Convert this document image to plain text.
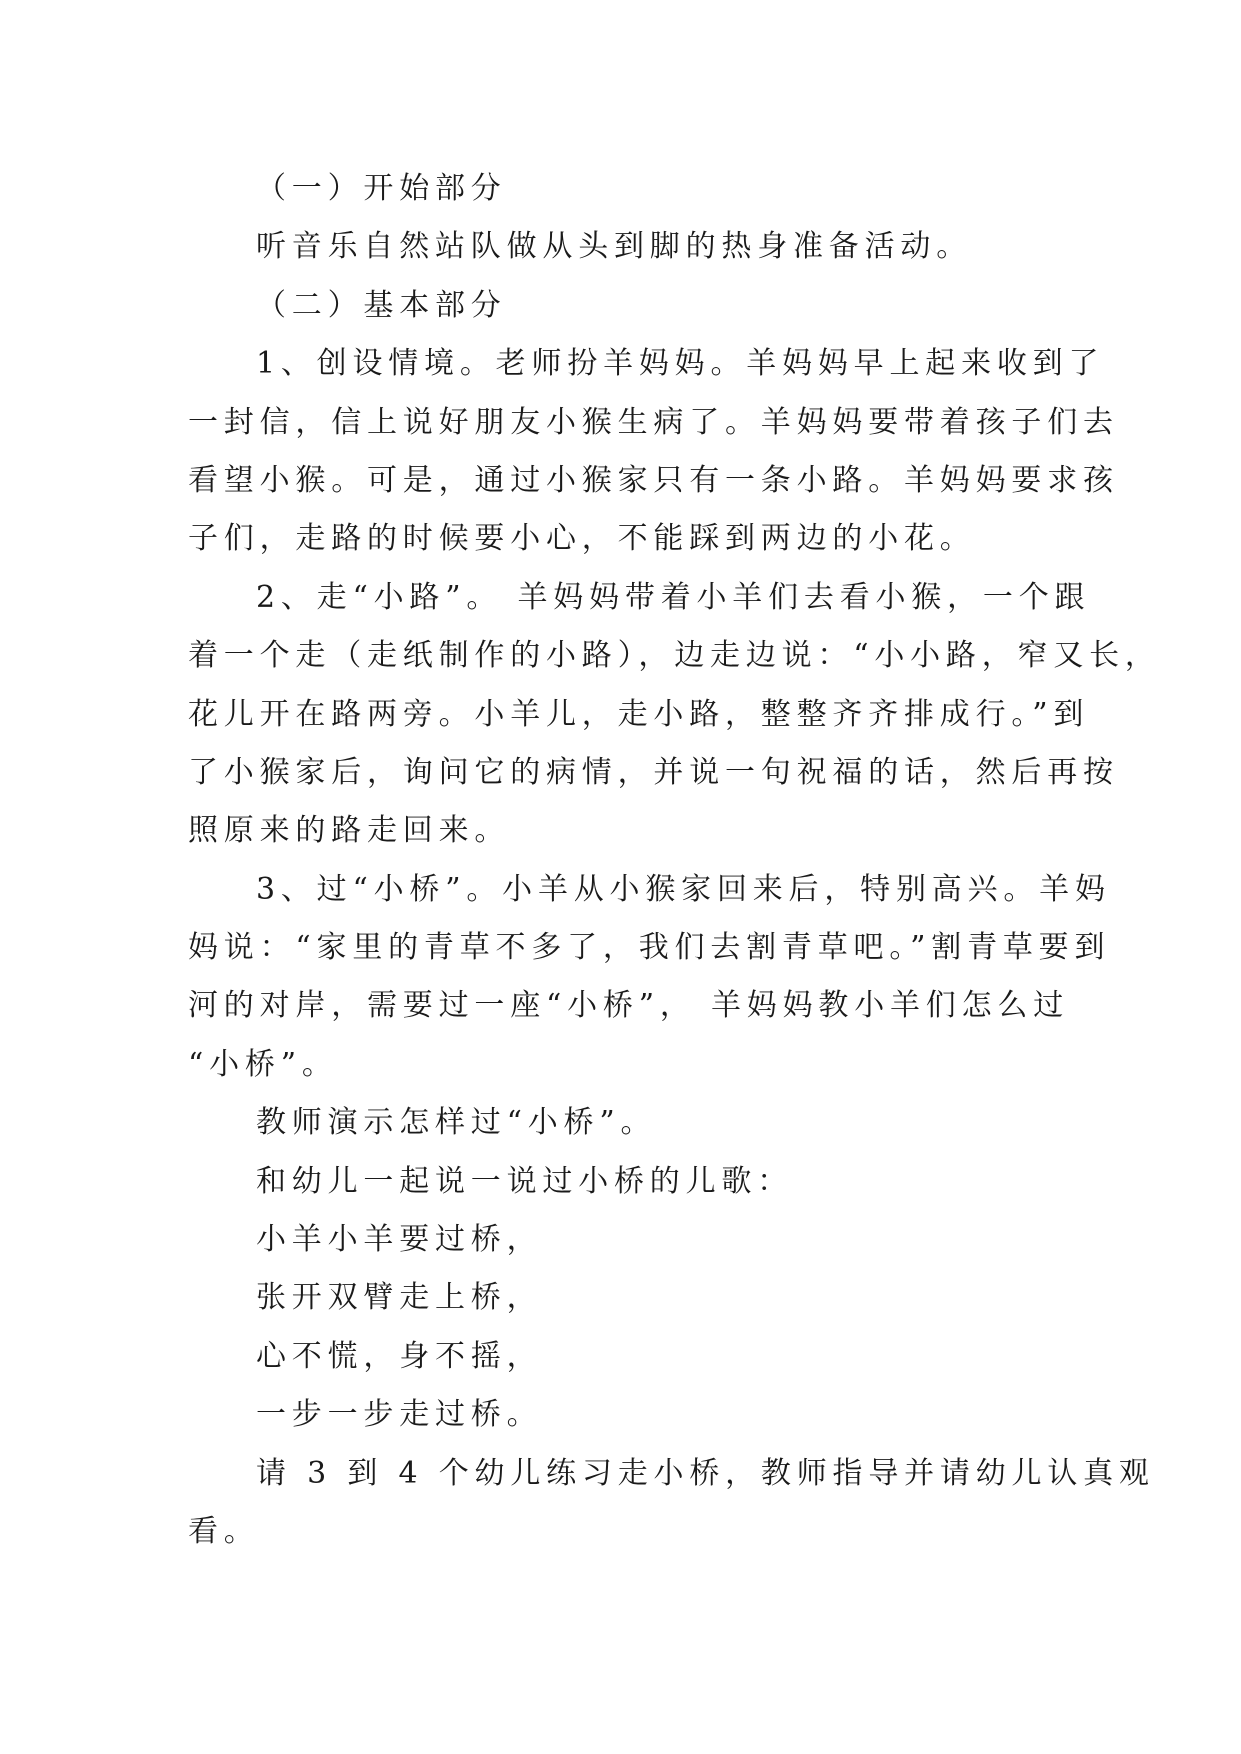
（一）开始部分
听音乐自然站队做从头到脚的热身准备活动。
（二）基本部分
1、创设情境。老师扮羊妈妈。羊妈妈早上起来收到了
一封信，信上说好朋友小猴生病了。羊妈妈要带着孩子们去
看望小猴。可是，通过小猴家只有一条小路。羊妈妈要求孩
子们，走路的时候要小心，不能踩到两边的小花。
2、走“小路”。 羊妈妈带着小羊们去看小猴，一个跟
着一个走（走纸制作的小路），边走边说：“小小路，窄又长，
花儿开在路两旁。小羊儿，走小路，整整齐齐排成行。”到
了小猴家后，询问它的病情，并说一句祝福的话，然后再按
照原来的路走回来。
3、过“小桥”。小羊从小猴家回来后，特别高兴。羊妈
妈说：“家里的青草不多了，我们去割青草吧。”割青草要到
河的对岸，需要过一座“小桥”， 羊妈妈教小羊们怎么过
“小桥”。
教师演示怎样过“小桥”。
和幼儿一起说一说过小桥的儿歌：
小羊小羊要过桥，
张开双臂走上桥，
心不慌，身不摇，
一步一步走过桥。
请 3 到 4 个幼儿练习走小桥，教师指导并请幼儿认真观
看。
